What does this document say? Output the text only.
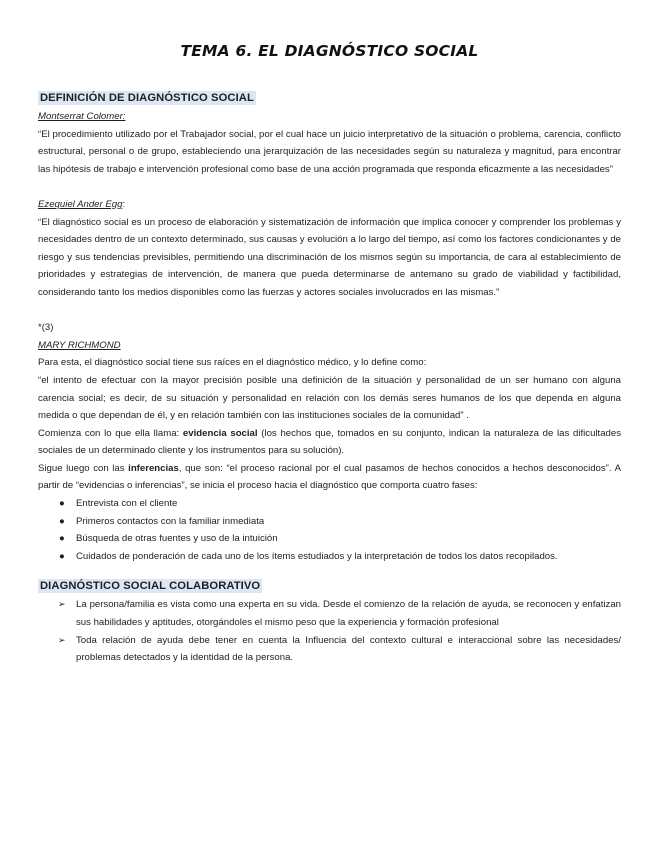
TEMA 6. EL DIAGNÓSTICO SOCIAL
DEFINICIÓN DE DIAGNÓSTICO SOCIAL

Montserrat Colomer:

“El procedimiento utilizado por el Trabajador social, por el cual hace un juicio interpretativo de la situación o problema, carencia, conflicto estructural, personal o de grupo, estableciendo una jerarquización de las necesidades según su naturaleza y magnitud, para encontrar las hipótesis de trabajo e intervención profesional como base de una acción programada que responda eficazmente a las necesidades”

Ezequiel Ander Egg:

“El diagnóstico social es un proceso de elaboración y sistematización de información que implica conocer y comprender los problemas y necesidades dentro de un contexto determinado, sus causas y evolución a lo largo del tiempo, así como los factores condicionantes y de riesgo y sus tendencias previsibles, permitiendo una discriminación de los mismos según su importancia, de cara al establecimiento de prioridades y estrategias de intervención, de manera que pueda determinarse de antemano su grado de viabilidad y factibilidad, considerando tanto los medios disponibles como las fuerzas y actores sociales involucrados en las mismas.”

*(3)

MARY RICHMOND

Para esta, el diagnóstico social tiene sus raíces en el diagnóstico médico, y lo define como:

“el intento de efectuar con la mayor precisión posible una definición de la situación y personalidad de un ser humano con alguna carencia social; es decir, de su situación y personalidad en relación con los demás seres humanos de los que dependa en alguna medida o que dependan de él, y en relación también con las instituciones sociales de la comunidad” .

Comienza con lo que ella llama: evidencia social (los hechos que, tomados en su conjunto, indican la naturaleza de las dificultades sociales de un determinado cliente y los instrumentos para su solución).

Sigue luego con las inferencias, que son: “el proceso racional por el cual pasamos de hechos conocidos a hechos desconocidos”. A partir de “evidencias o inferencias”, se inicia el proceso hacia el diagnóstico que comporta cuatro fases:

● Entrevista con el cliente
● Primeros contactos con la familiar inmediata
● Búsqueda de otras fuentes y uso de la intuición
● Cuidados de ponderación de cada uno de los ítems estudiados y la interpretación de todos los datos recopilados.
DIAGNÓSTICO SOCIAL COLABORATIVO
➢ La persona/familia es vista como una experta en su vida. Desde el comienzo de la relación de ayuda, se reconocen y enfatizan sus habilidades y aptitudes, otorgándoles el mismo peso que la experiencia y formación profesional
➢ Toda relación de ayuda debe tener en cuenta la Influencia del contexto cultural e interaccional sobre las necesidades/ problemas detectados y la identidad de la persona.
